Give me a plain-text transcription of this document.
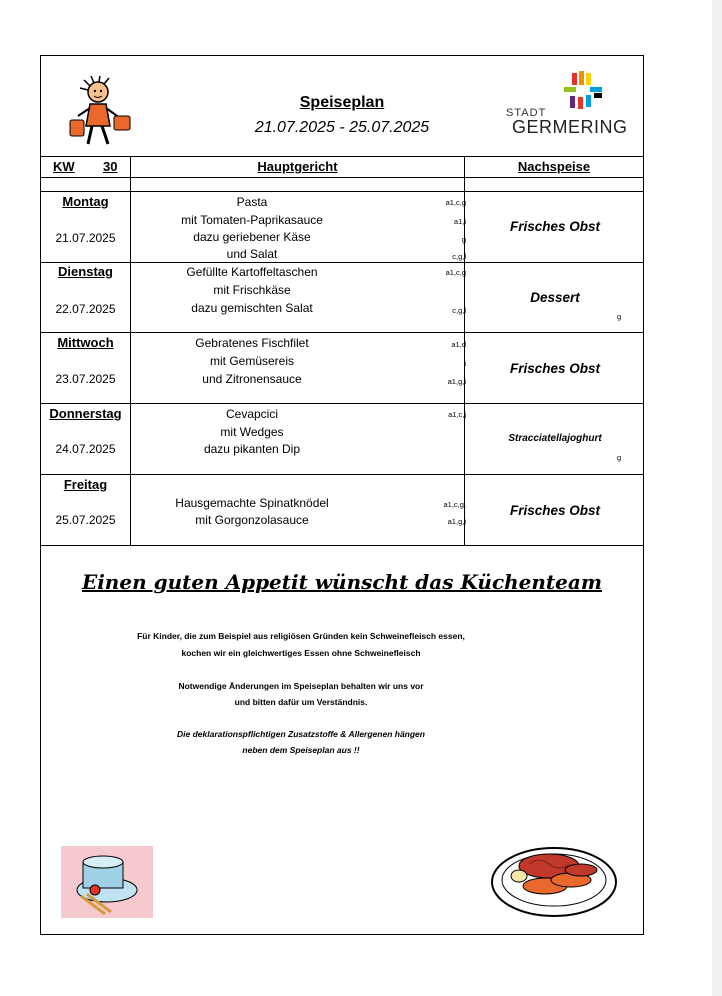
Speiseplan
21.07.2025 - 25.07.2025
STADT
GERMERING
KW 30	Hauptgericht	Nachspeise
Montag
21.07.2025
Pasta
mit Tomaten-Paprikasauce
dazu geriebener Käse
und Salat
a1,c,g
a1,i
g
c,g,l
Frisches Obst
Dienstag
22.07.2025
Gefüllte Kartoffeltaschen
mit Frischkäse
dazu gemischten Salat
a1,c,g
c,g,l
Dessert
g
Mittwoch
23.07.2025
Gebratenes Fischfilet
mit Gemüsereis
und Zitronensauce
a1,d
i
a1,g,i
Frisches Obst
Donnerstag
24.07.2025
Cevapcici
mit Wedges
dazu pikanten Dip
a1,c,j
Stracciatellajoghurt
g
Freitag
25.07.2025
Hausgemachte Spinatknödel
mit Gorgonzolasauce
a1,c,g,
a1,g,i
Frisches Obst
Einen guten Appetit wünscht das Küchenteam
Für Kinder, die zum Beispiel aus religiösen Gründen kein Schweinefleisch essen,
kochen wir ein gleichwertiges Essen ohne Schweinefleisch
Notwendige Änderungen im Speiseplan behalten wir uns vor
und bitten dafür um Verständnis.
Die deklarationspflichtigen Zusatzstoffe & Allergenen hängen
neben dem Speiseplan aus !!
